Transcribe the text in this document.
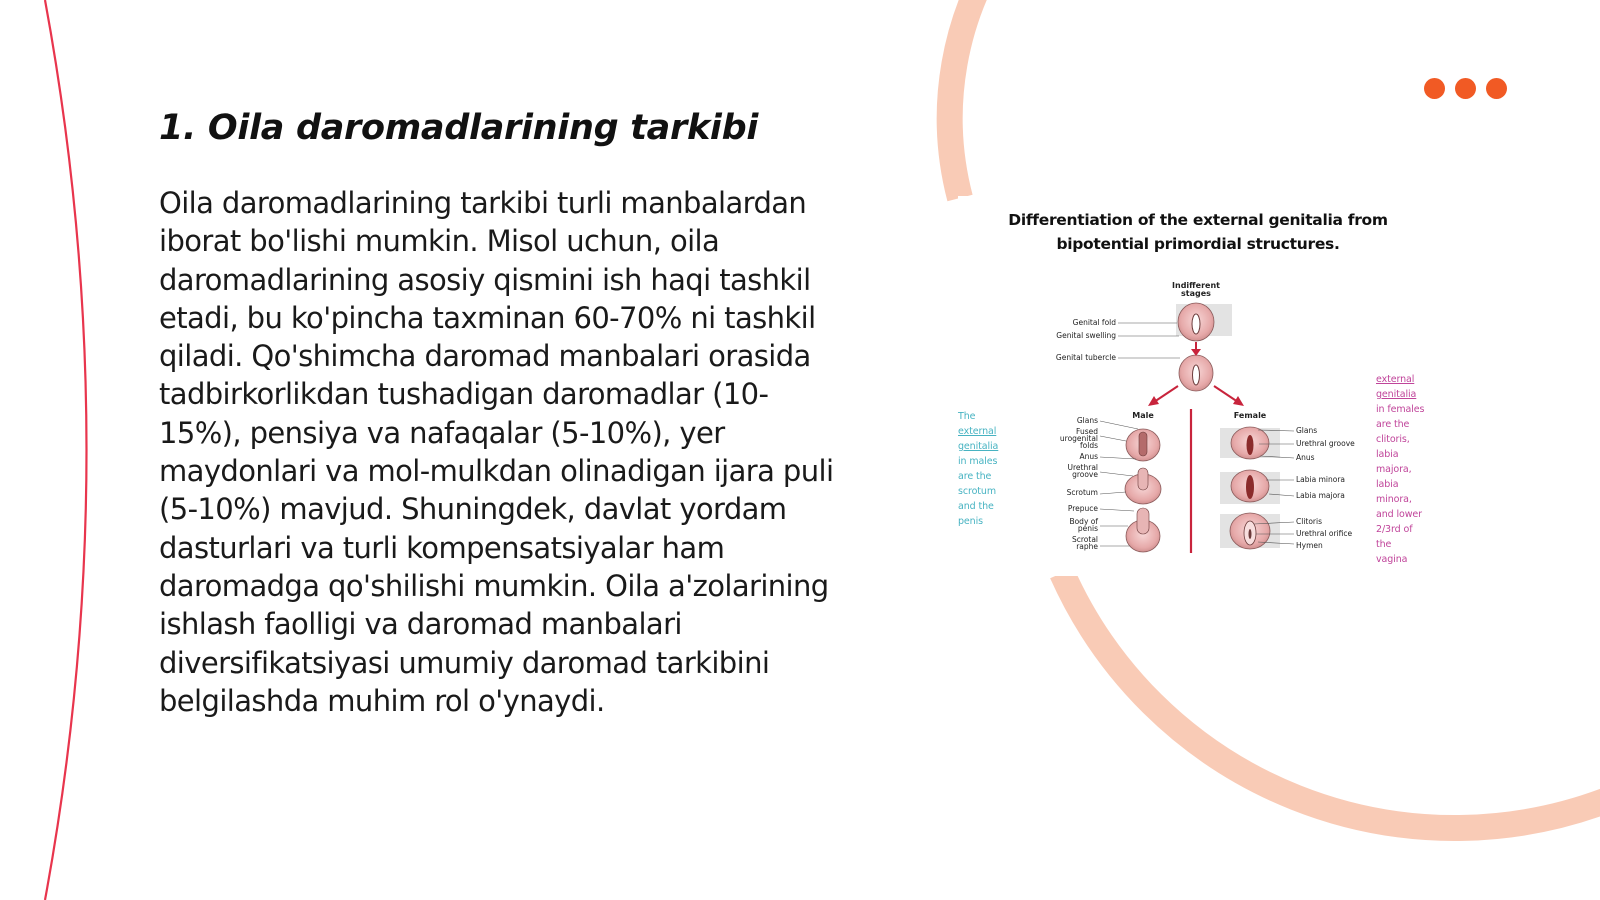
1. Oila daromadlarining tarkibi
Oila daromadlarining tarkibi turli manbalardan iborat bo'lishi mumkin. Misol uchun, oila daromadlarining asosiy qismini ish haqi tashkil etadi, bu ko'pincha taxminan 60-70% ni tashkil qiladi. Qo'shimcha daromad manbalari orasida tadbirkorlikdan tushadigan daromadlar (10-15%), pensiya va nafaqalar (5-10%), yer maydonlari va mol-mulkdan olinadigan ijara puli (5-10%) mavjud. Shuningdek, davlat yordam dasturlari va turli kompensatsiyalar ham daromadga qo'shilishi mumkin. Oila a'zolarining ishlash faolligi va daromad manbalari diversifikatsiyasi umumiy daromad tarkibini belgilashda muhim rol o'ynaydi.
Indifferent
stages
Genital fold
Genital swelling
Genital tubercle
Male	Female
Glans
Fused
urogenital
folds
Anus
Urethral
groove
Scrotum
Prepuce
Body of
penis
Scrotal
raphe
Glans
Urethral groove
Anus
Labia minora
Labia majora
Clitoris
Urethral orifice
Hymen
Differentiation of the external genitalia from
bipotential primordial structures.
The
external
genitalia
in males
are the
scrotum
and the
penis
external
genitalia
in females
are the
clitoris,
labia
majora,
labia
minora,
and lower
2/3rd of
the
vagina
